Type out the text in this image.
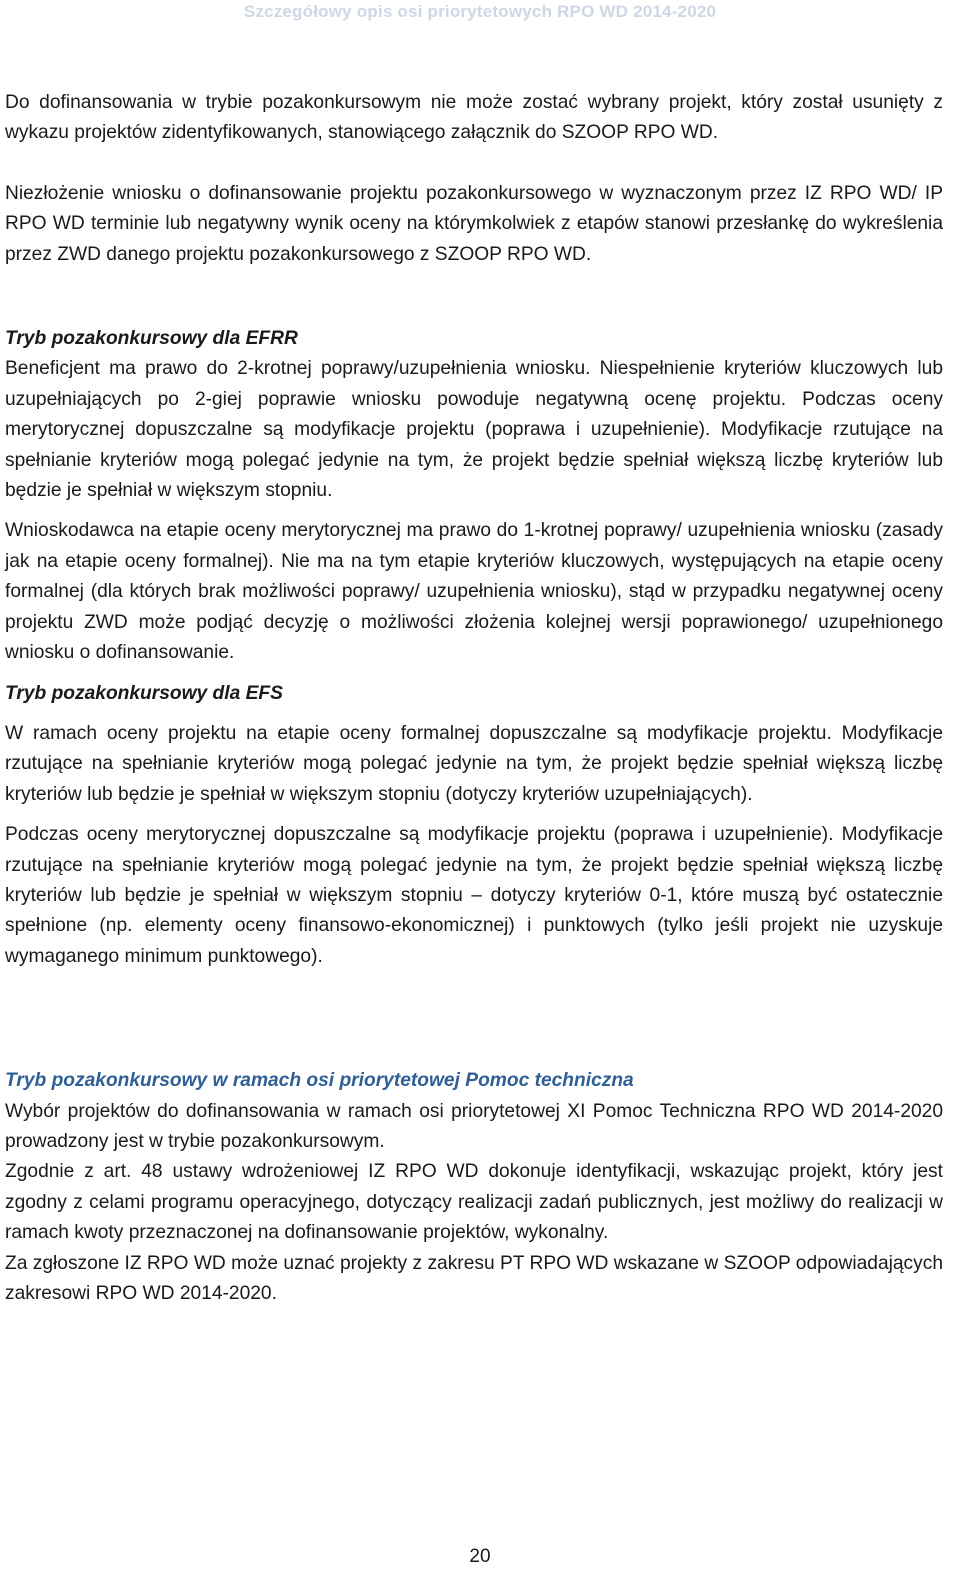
Szczegółowy opis osi priorytetowych RPO WD 2014-2020

Do dofinansowania w trybie pozakonkursowym nie może zostać wybrany projekt, który został usunięty z wykazu projektów zidentyfikowanych, stanowiącego załącznik do SZOOP RPO WD.

Niezłożenie wniosku o dofinansowanie projektu pozakonkursowego w wyznaczonym przez IZ RPO WD/ IP RPO WD terminie lub negatywny wynik oceny na którymkolwiek z etapów stanowi przesłankę do wykreślenia przez ZWD danego projektu pozakonkursowego z SZOOP RPO WD.

Tryb pozakonkursowy dla EFRR

Beneficjent ma prawo do 2-krotnej poprawy/uzupełnienia wniosku. Niespełnienie kryteriów kluczowych lub uzupełniających po 2-giej poprawie wniosku powoduje negatywną ocenę projektu. Podczas oceny merytorycznej dopuszczalne są modyfikacje projektu (poprawa i uzupełnienie). Modyfikacje rzutujące na spełnianie kryteriów mogą polegać jedynie na tym, że projekt będzie spełniał większą liczbę kryteriów lub będzie je spełniał w większym stopniu.

Wnioskodawca na etapie oceny merytorycznej ma prawo do 1-krotnej poprawy/ uzupełnienia wniosku (zasady jak na etapie oceny formalnej). Nie ma na tym etapie kryteriów kluczowych, występujących na etapie oceny formalnej (dla których brak możliwości poprawy/ uzupełnienia wniosku), stąd w przypadku negatywnej oceny projektu ZWD może podjąć decyzję o możliwości złożenia kolejnej wersji poprawionego/ uzupełnionego wniosku o dofinansowanie.

Tryb pozakonkursowy dla EFS

W ramach oceny projektu na etapie oceny formalnej dopuszczalne są modyfikacje projektu. Modyfikacje rzutujące na spełnianie kryteriów mogą polegać jedynie na tym, że projekt będzie spełniał większą liczbę kryteriów lub będzie je spełniał w większym stopniu (dotyczy kryteriów uzupełniających).

Podczas oceny merytorycznej dopuszczalne są modyfikacje projektu (poprawa i uzupełnienie). Modyfikacje rzutujące na spełnianie kryteriów mogą polegać jedynie na tym, że projekt będzie spełniał większą liczbę kryteriów lub będzie je spełniał w większym stopniu – dotyczy kryteriów 0-1, które muszą być ostatecznie spełnione (np. elementy oceny finansowo-ekonomicznej) i punktowych (tylko jeśli projekt nie uzyskuje wymaganego minimum punktowego).

Tryb pozakonkursowy w ramach osi priorytetowej Pomoc techniczna

Wybór projektów do dofinansowania w ramach osi priorytetowej XI Pomoc Techniczna RPO WD 2014-2020 prowadzony jest w trybie pozakonkursowym.

Zgodnie z art. 48 ustawy wdrożeniowej IZ RPO WD dokonuje identyfikacji, wskazując projekt, który jest zgodny z celami programu operacyjnego, dotyczący realizacji zadań publicznych, jest możliwy do realizacji w ramach kwoty przeznaczonej na dofinansowanie projektów, wykonalny.

Za zgłoszone IZ RPO WD może uznać projekty z zakresu PT RPO WD wskazane w SZOOP odpowiadających zakresowi RPO WD 2014-2020.

20
